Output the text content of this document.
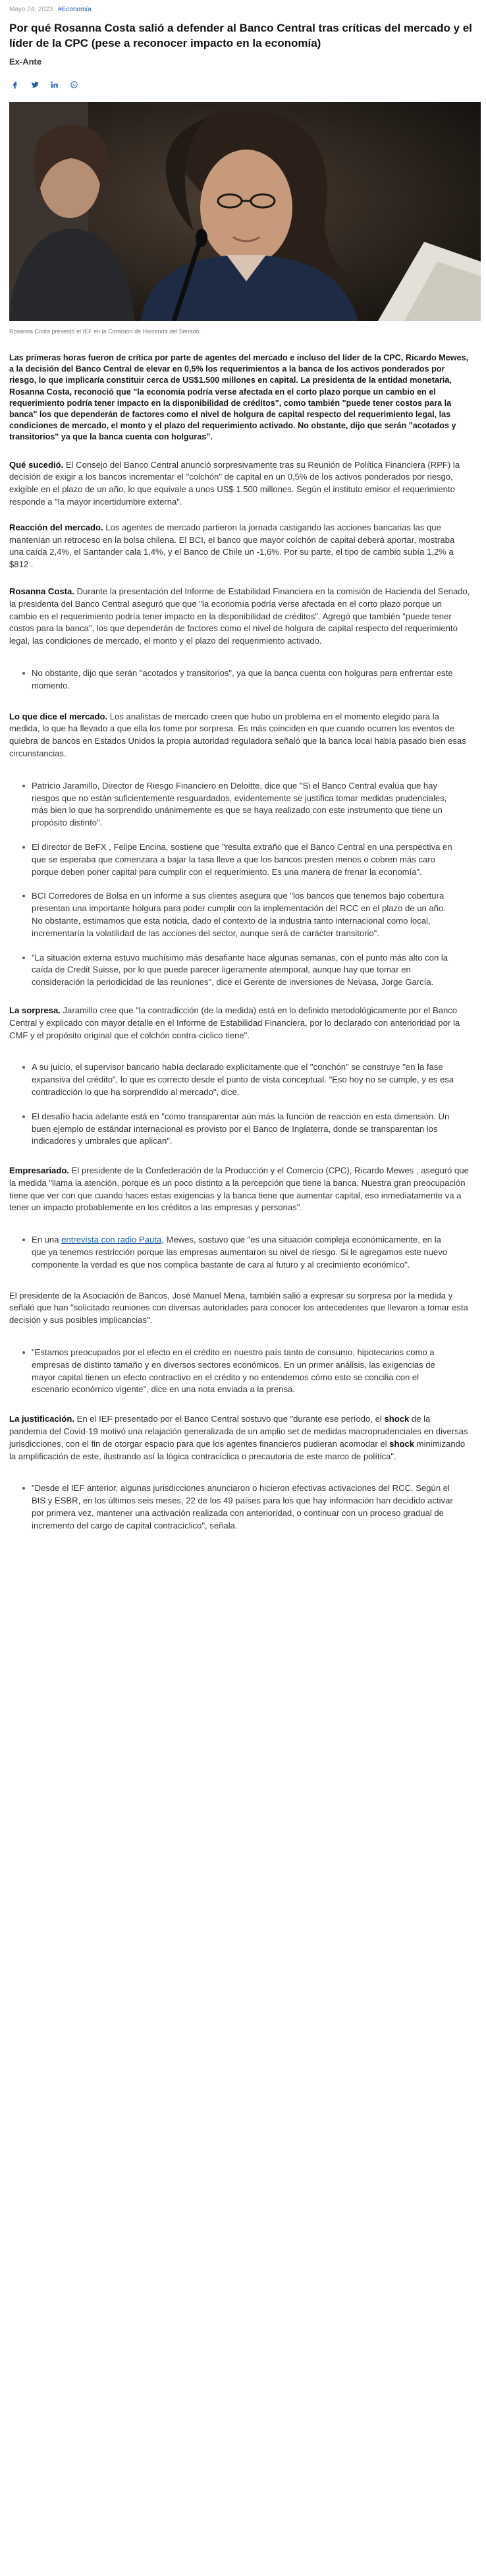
Mayo 24, 2023 #Economía
Por qué Rosanna Costa salió a defender al Banco Central tras críticas del mercado y el líder de la CPC (pese a reconocer impacto en la economía)
Ex-Ante
Rosanna Costa presentó el IEF en la Comisión de Hacienda del Senado.

Las primeras horas fueron de crítica por parte de agentes del mercado e incluso del líder de la CPC, Ricardo Mewes, a la decisión del Banco Central de elevar en 0,5% los requerimientos a la banca de los activos ponderados por riesgo, lo que implicaría constituir cerca de US$1.500 millones en capital. La presidenta de la entidad monetaria, Rosanna Costa, reconoció que "la economía podría verse afectada en el corto plazo porque un cambio en el requerimiento podría tener impacto en la disponibilidad de créditos", como también "puede tener costos para la banca" los que dependerán de factores como el nivel de holgura de capital respecto del requerimiento legal, las condiciones de mercado, el monto y el plazo del requerimiento activado. No obstante, dijo que serán "acotados y transitorios" ya que la banca cuenta con holguras".

Qué sucedió. El Consejo del Banco Central anunció sorpresivamente tras su Reunión de Política Financiera (RPF) la decisión de exigir a los bancos incrementar el "colchón" de capital en un 0,5% de los activos ponderados por riesgo, exigible en el plazo de un año, lo que equivale a unos US$ 1.500 millones. Según el instituto emisor el requerimiento responde a "la mayor incertidumbre externa".

Reacción del mercado. Los agentes de mercado partieron la jornada castigando las acciones bancarias las que mantenían un retroceso en la bolsa chilena. El BCI, el banco que mayor colchón de capital deberá aportar, mostraba una caída 2,4%, el Santander cala 1,4%, y el Banco de Chile un -1,6%. Por su parte, el tipo de cambio subía 1,2% a $812 .

Rosanna Costa. Durante la presentación del Informe de Estabilidad Financiera en la comisión de Hacienda del Senado, la presidenta del Banco Central aseguró que que "la economía podría verse afectada en el corto plazo porque un cambio en el requerimiento podría tener impacto en la disponibilidad de créditos". Agregó que también "puede tener costos para la banca", los que dependerán de factores como el nivel de holgura de capital respecto del requerimiento legal, las condiciones de mercado, el monto y el plazo del requerimiento activado.

No obstante, dijo que serán "acotados y transitorios", ya que la banca cuenta con holguras para enfrentar este momento.

Lo que dice el mercado. Los analistas de mercado creen que hubo un problema en el momento elegido para la medida, lo que ha llevado a que ella los tome por sorpresa. Es más coinciden en que cuando ocurren los eventos de quiebra de bancos en Estados Unidos la propia autoridad reguladora señaló que la banca local había pasado bien esas circunstancias.

Patricio Jaramillo, Director de Riesgo Financiero en Deloitte, dice que "Si el Banco Central evalúa que hay riesgos que no están suficientemente resguardados, evidentemente se justifica tomar medidas prudenciales, más bien lo que ha sorprendido unánimemente es que se haya realizado con este instrumento que tiene un propósito distinto".
El director de BeFX , Felipe Encina, sostiene que "resulta extraño que el Banco Central en una perspectiva en que se esperaba que comenzara a bajar la tasa lleve a que los bancos presten menos o cobren más caro porque deben poner capital para cumplir con el requerimiento. Es una manera de frenar la economía".
BCI Corredores de Bolsa en un informe a sus clientes asegura que "los bancos que tenemos bajo cobertura presentan una importante holgura para poder cumplir con la implementación del RCC en el plazo de un año. No obstante, estimamos que esta noticia, dado el contexto de la industria tanto internacional como local, incrementaría la volatilidad de las acciones del sector, aunque será de carácter transitorio".
"La situación externa estuvo muchísimo más desafiante hace algunas semanas, con el punto más alto con la caída de Credit Suisse, por lo que puede parecer ligeramente atemporal, aunque hay que tomar en consideración la periodicidad de las reuniones", dice el Gerente de inversiones de Nevasa, Jorge García.

La sorpresa. Jaramillo cree que "la contradicción (de la medida) está en lo definido metodológicamente por el Banco Central y explicado con mayor detalle en el Informe de Estabilidad Financiera, por lo declarado con anterioridad por la CMF y el propósito original que el colchón contra-cíclico tiene".

A su juicio, el supervisor bancario había declarado explícitamente que el "conchón" se construye "en la fase expansiva del crédito", lo que es correcto desde el punto de vista conceptual. "Eso hoy no se cumple, y es esa contradicción lo que ha sorprendido al mercado", dice.
El desafío hacia adelante está en "como transparentar aún más la función de reacción en esta dimensión. Un buen ejemplo de estándar internacional es provisto por el Banco de Inglaterra, donde se transparentan los indicadores y umbrales que aplican".

Empresariado. El presidente de la Confederación de la Producción y el Comercio (CPC), Ricardo Mewes , aseguró que la medida "llama la atención, porque es un poco distinto a la percepción que tiene la banca. Nuestra gran preocupación tiene que ver con que cuando haces estas exigencias y la banca tiene que aumentar capital, eso inmediatamente va a tener un impacto probablemente en los créditos a las empresas y personas".

En una entrevista con radio Pauta, Mewes, sostuvo que "es una situación compleja económicamente, en la que ya tenemos restricción porque las empresas aumentaron su nivel de riesgo. Si le agregamos este nuevo componente la verdad es que nos complica bastante de cara al futuro y al crecimiento económico".

El presidente de la Asociación de Bancos, José Manuel Mena, también salió a expresar su sorpresa por la medida y señaló que han "solicitado reuniones con diversas autoridades para conocer los antecedentes que llevaron a tomar esta decisión y sus posibles implicancias".

"Estamos preocupados por el efecto en el crédito en nuestro país tanto de consumo, hipotecarios como a empresas de distinto tamaño y en diversos sectores económicos. En un primer análisis, las exigencias de mayor capital tienen un efecto contractivo en el crédito y no entendemos cómo esto se concilia con el escenario económico vigente", dice en una nota enviada a la prensa.

La justificación. En el IEF presentado por el Banco Central sostuvo que "durante ese período, el shock de la pandemia del Covid-19 motivó una relajación generalizada de un amplio set de medidas macroprudenciales en diversas jurisdicciones, con el fin de otorgar espacio para que los agentes financieros pudieran acomodar el shock minimizando la amplificación de este, ilustrando así la lógica contracíclica o precautoria de este marco de política".

"Desde el IEF anterior, algunas jurisdicciones anunciaron o hicieron efectivas activaciones del RCC. Según el BIS y ESBR, en los últimos seis meses, 22 de los 49 países para los que hay información han decidido activar por primera vez, mantener una activación realizada con anterioridad, o continuar con un proceso gradual de incremento del cargo de capital contracíclico", señala.
